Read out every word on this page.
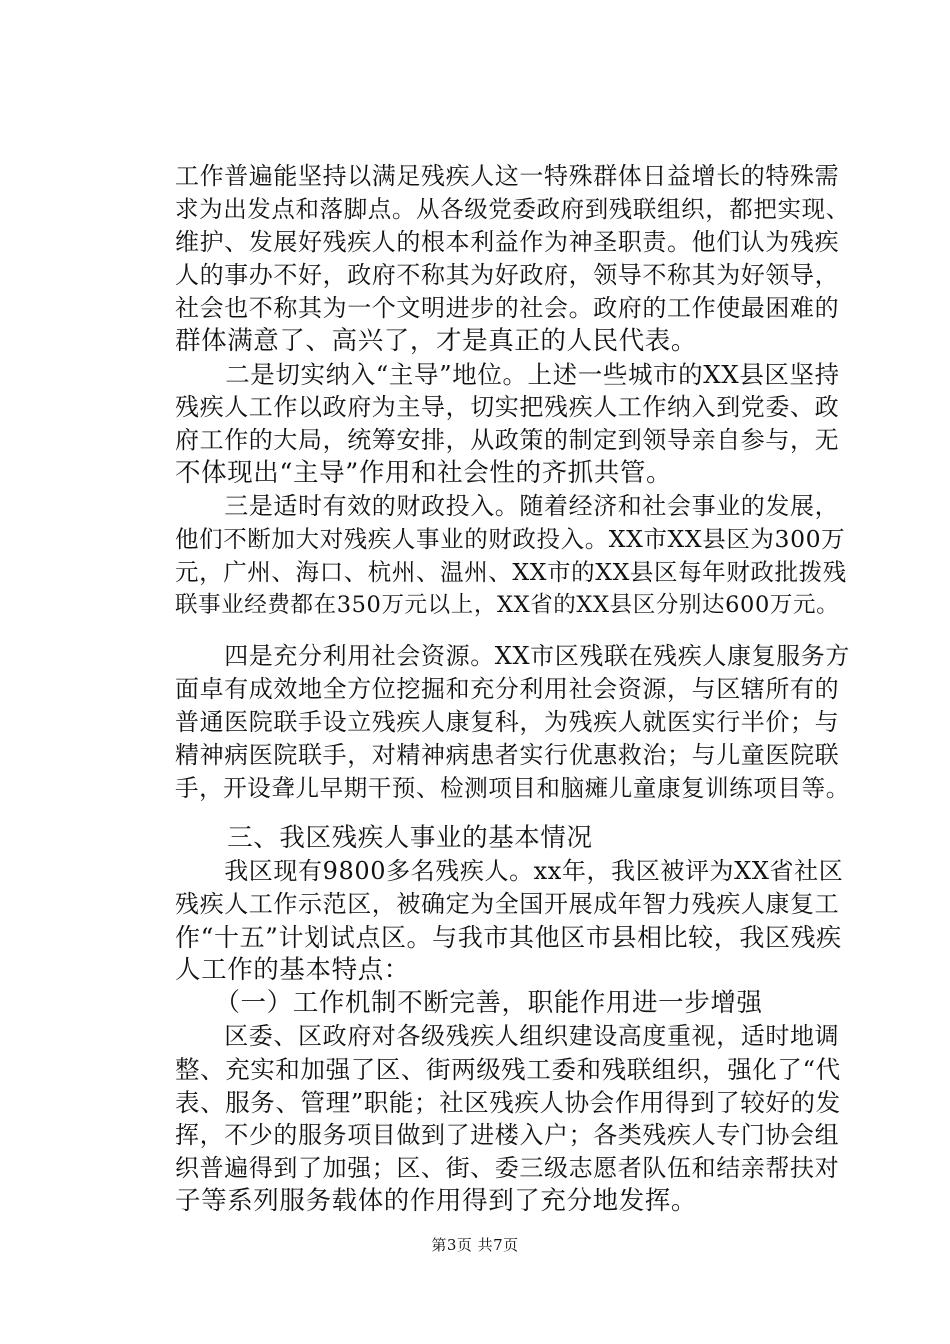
工作普遍能坚持以满足残疾人这一特殊群体日益增长的特殊需
求为出发点和落脚点。从各级党委政府到残联组织，都把实现、
维护、发展好残疾人的根本利益作为神圣职责。他们认为残疾
人的事办不好，政府不称其为好政府，领导不称其为好领导，
社会也不称其为一个文明进步的社会。政府的工作使最困难的
群体满意了、高兴了，才是真正的人民代表。
　　二是切实纳入“主导”地位。上述一些城市的XX县区坚持
残疾人工作以政府为主导，切实把残疾人工作纳入到党委、政
府工作的大局，统筹安排，从政策的制定到领导亲自参与，无
不体现出“主导”作用和社会性的齐抓共管。
　　三是适时有效的财政投入。随着经济和社会事业的发展，
他们不断加大对残疾人事业的财政投入。XX市XX县区为300万
元，广州、海口、杭州、温州、XX市的XX县区每年财政批拨残
联事业经费都在350万元以上，XX省的XX县区分别达600万元。
　　四是充分利用社会资源。XX市区残联在残疾人康复服务方
面卓有成效地全方位挖掘和充分利用社会资源，与区辖所有的
普通医院联手设立残疾人康复科，为残疾人就医实行半价；与
精神病医院联手，对精神病患者实行优惠救治；与儿童医院联
手，开设聋儿早期干预、检测项目和脑瘫儿童康复训练项目等。
　　三、我区残疾人事业的基本情况
　　我区现有9800多名残疾人。xx年，我区被评为XX省社区
残疾人工作示范区，被确定为全国开展成年智力残疾人康复工
作“十五”计划试点区。与我市其他区市县相比较，我区残疾
人工作的基本特点：
　　（一）工作机制不断完善，职能作用进一步增强
　　区委、区政府对各级残疾人组织建设高度重视，适时地调
整、充实和加强了区、街两级残工委和残联组织，强化了“代
表、服务、管理”职能；社区残疾人协会作用得到了较好的发
挥，不少的服务项目做到了进楼入户；各类残疾人专门协会组
织普遍得到了加强；区、街、委三级志愿者队伍和结亲帮扶对
子等系列服务载体的作用得到了充分地发挥。
第3页 共7页
